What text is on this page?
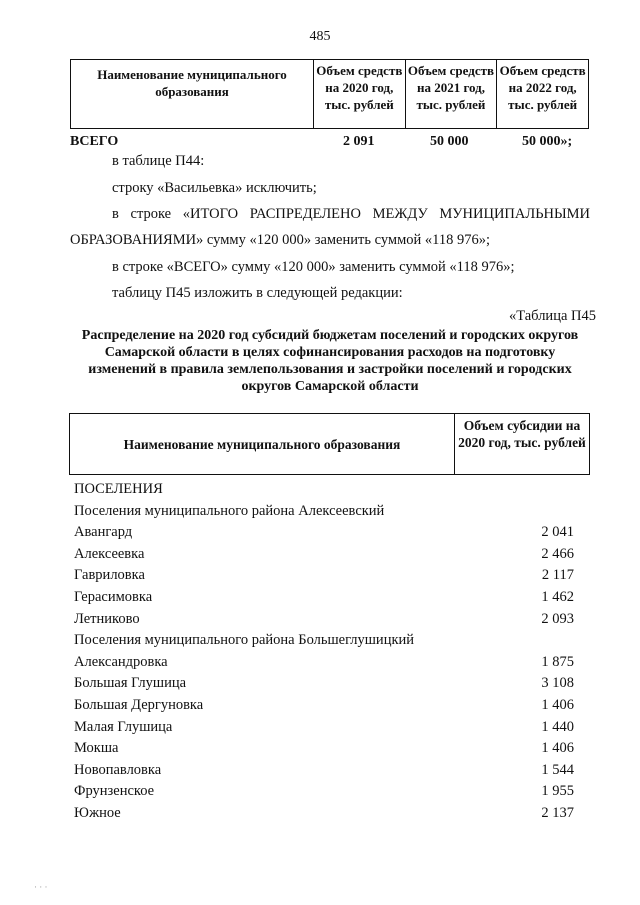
485
Наименование муниципального образования	Объем средств на 2020 год, тыс. рублей	Объем средств на 2021 год, тыс. рублей	Объем средств на 2022 год, тыс. рублей
ВСЕГО	2 091	50 000	50 000»;
в таблице П44:
строку «Васильевка» исключить;
в строке «ИТОГО РАСПРЕДЕЛЕНО МЕЖДУ МУНИЦИПАЛЬНЫМИ
ОБРАЗОВАНИЯМИ» сумму «120 000» заменить суммой «118 976»;
в строке «ВСЕГО» сумму «120 000» заменить суммой «118 976»;
таблицу П45 изложить в следующей редакции:
«Таблица П45
Распределение на 2020 год субсидий бюджетам поселений и городских округов Самарской области в целях софинансирования расходов на подготовку изменений в правила землепользования и застройки поселений и городских округов Самарской области
Наименование муниципального образования	Объем субсидии на 2020 год, тыс. рублей
ПОСЕЛЕНИЯ
Поселения муниципального района Алексеевский
Авангард	2 041
Алексеевка	2 466
Гавриловка	2 117
Герасимовка	1 462
Летниково	2 093
Поселения муниципального района Большеглушицкий
Александровка	1 875
Большая Глушица	3 108
Большая Дергуновка	1 406
Малая Глушица	1 440
Мокша	1 406
Новопавловка	1 544
Фрунзенское	1 955
Южное	2 137
· · ·
